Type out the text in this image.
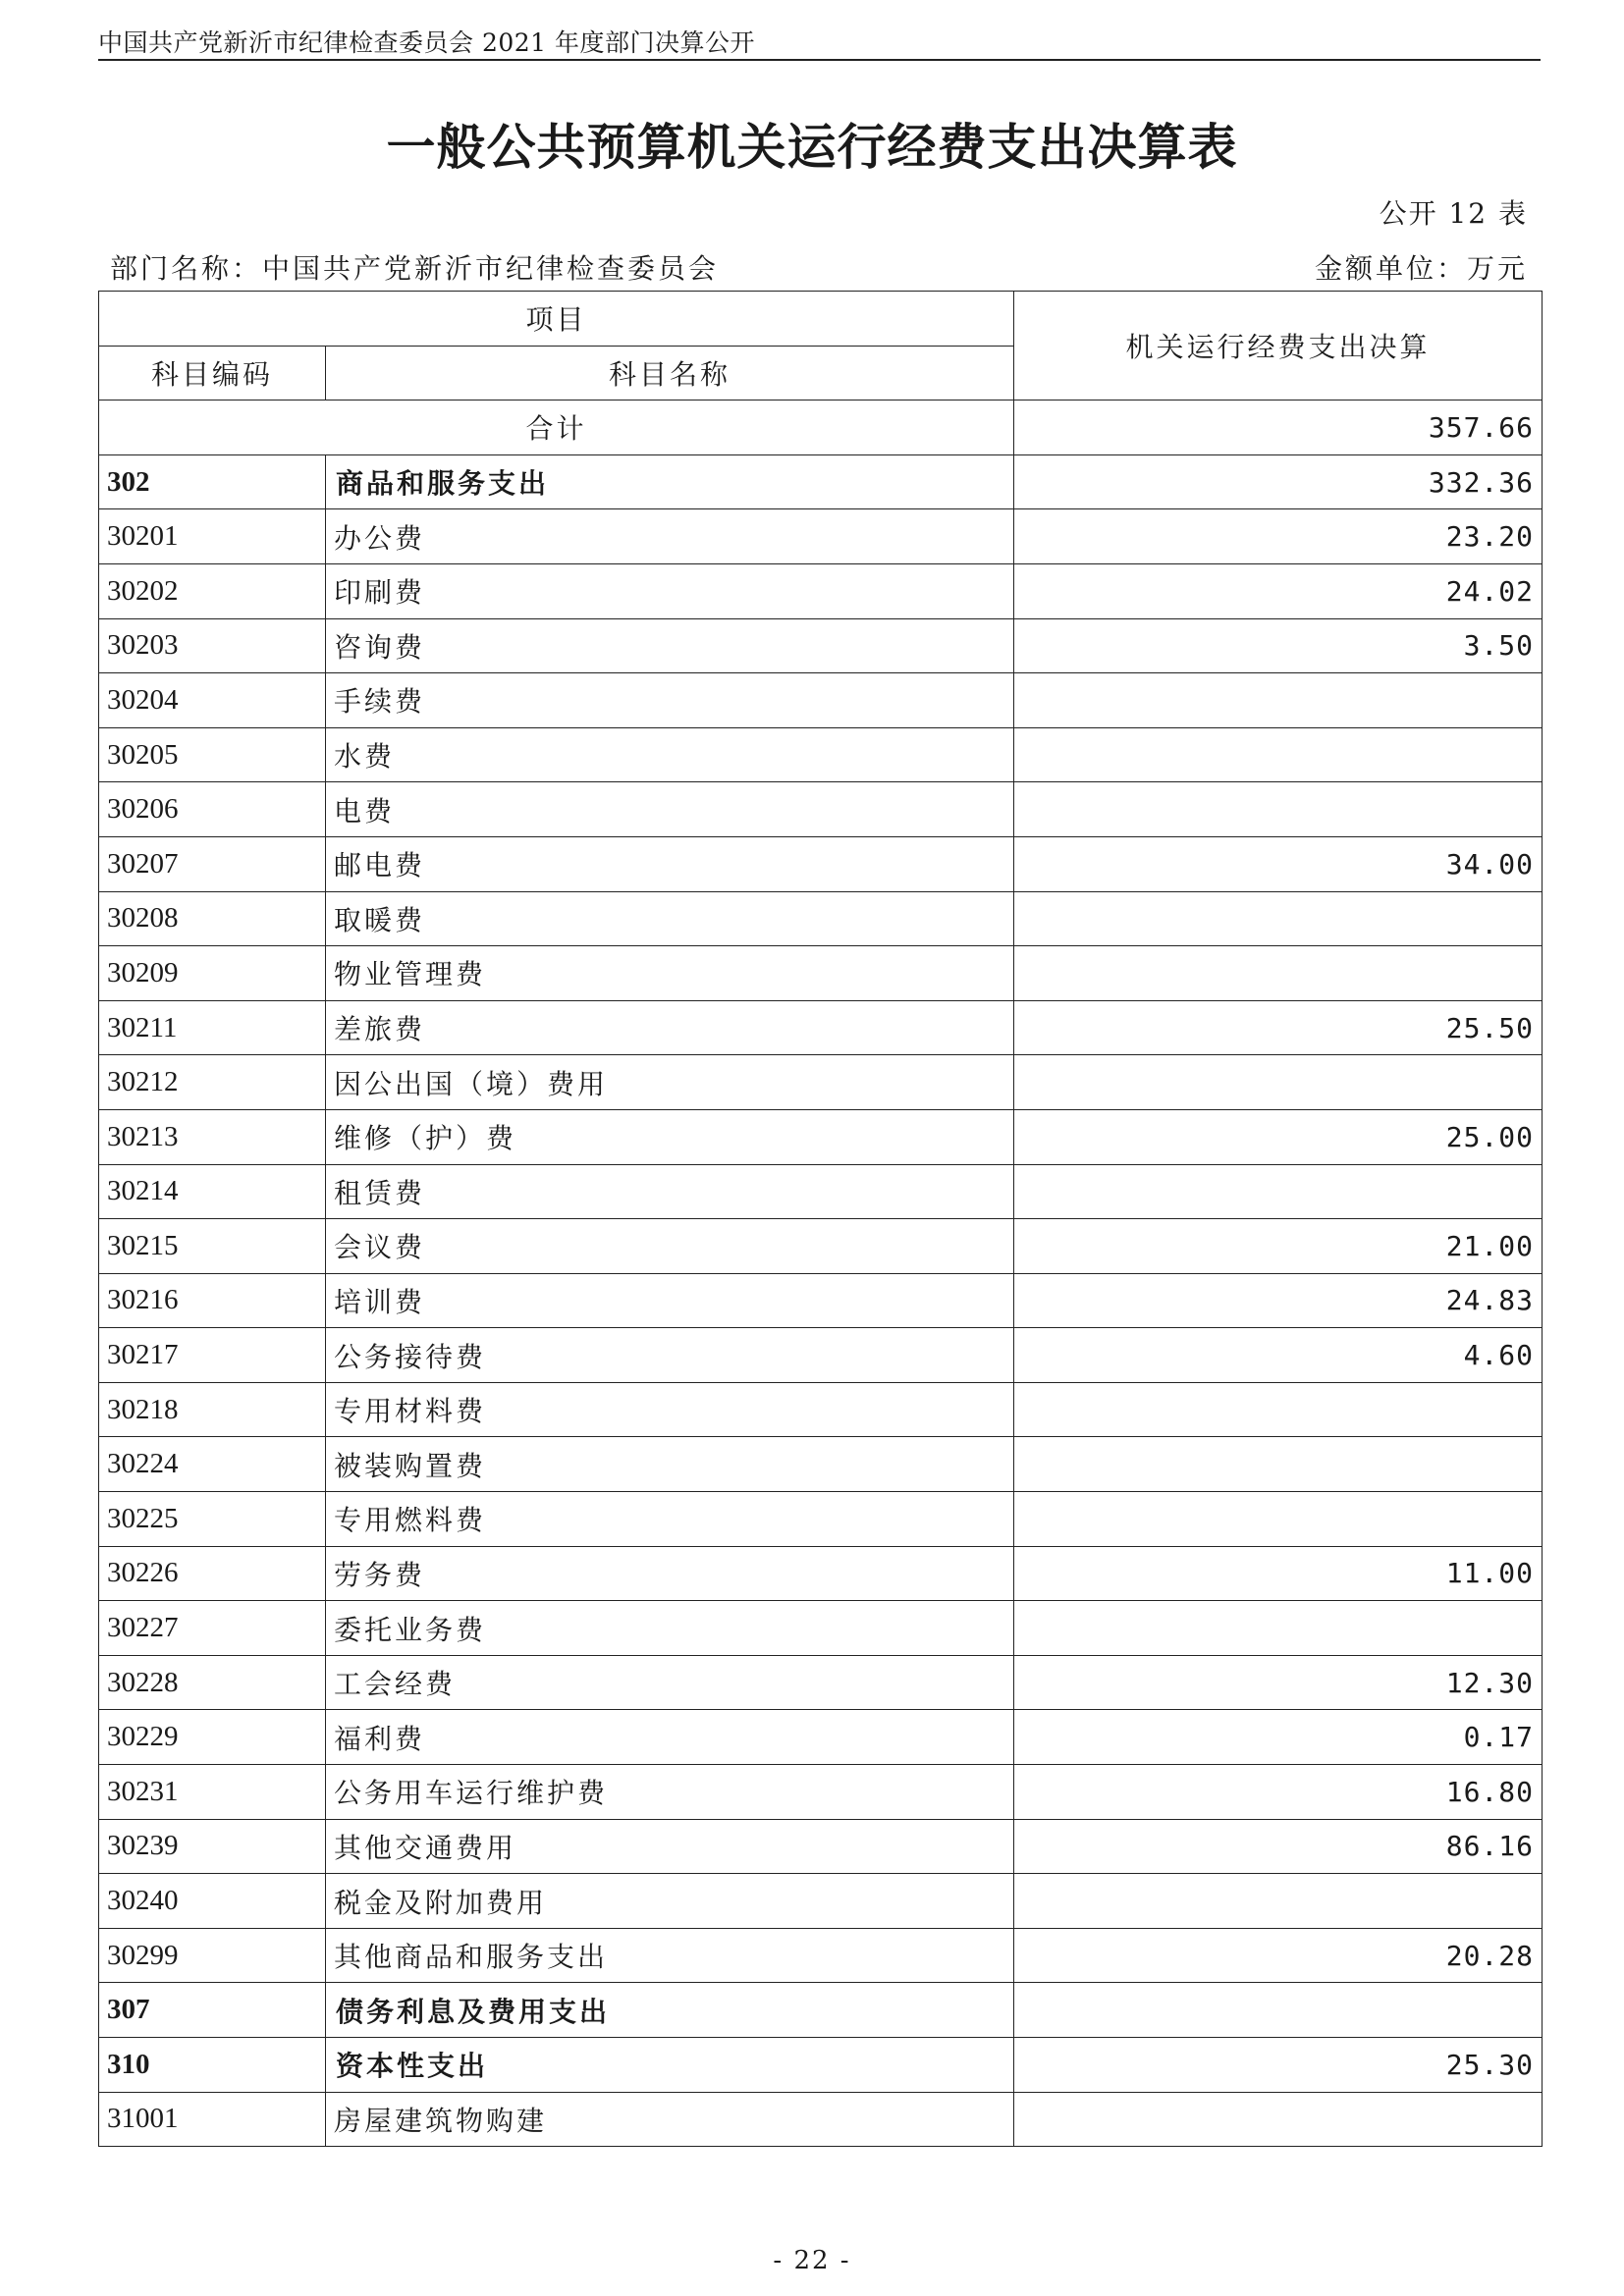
中国共产党新沂市纪律检查委员会 2021 年度部门决算公开
一般公共预算机关运行经费支出决算表
公开 12 表
部门名称：中国共产党新沂市纪律检查委员会	金额单位：万元
项目		机关运行经费支出决算
科目编码	科目名称	
合计		357.66
302	商品和服务支出	332.36
30201	办公费	23.20
30202	印刷费	24.02
30203	咨询费	3.50
30204	手续费	
30205	水费	
30206	电费	
30207	邮电费	34.00
30208	取暖费	
30209	物业管理费	
30211	差旅费	25.50
30212	因公出国（境）费用	
30213	维修（护）费	25.00
30214	租赁费	
30215	会议费	21.00
30216	培训费	24.83
30217	公务接待费	4.60
30218	专用材料费	
30224	被装购置费	
30225	专用燃料费	
30226	劳务费	11.00
30227	委托业务费	
30228	工会经费	12.30
30229	福利费	0.17
30231	公务用车运行维护费	16.80
30239	其他交通费用	86.16
30240	税金及附加费用	
30299	其他商品和服务支出	20.28
307	债务利息及费用支出	
310	资本性支出	25.30
31001	房屋建筑物购建	
- 22 -
